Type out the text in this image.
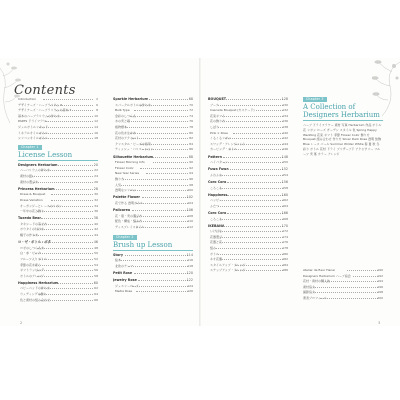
Contents
2	3
Introduction	2
デザイナーズ・ハーブラリウム 5	6
デザイナーズ・ハーブラリウムの基本 7	8
基本のハーブラリウムの作り方	10
PARTS ドライフラワー	12
ジェルボトルリキッド	14
ミネラルオイルボトル	16
シリコンオイルボトル	18
Chapter 1
License Lesson
Designers Herbarium	20
ハーバリウムの作り方	22
素材の扱い	24
素材の選び方	26
Princess Herbarium	28
Dress & Bouquet	30
Dress Variation	32
オーガンジーとレースのリボン	34
一年中の花と飾り	36
Tuxedo Bear	38
タキシードの着せ方	40
ボウタイの付け方	42
帽子の作り方	44
ロ・ゼ・ボトル・ボタ	46
ロゼのしつらえ方	48
白・赤・ピンク	50
フルーツ入りボトル	52
季節の花を使う	54
ギフトラッピング	56
ボトルのアレンジ	58
Happiness Herbarium	60
ベビーベッドの作り方	62
ウェディングの飾り	64
色と素材の組み合わせ	66
Sparkle Herbarium	68
スパークルボトルの作り方	70
Bulb Type	72
金彩のしつらえ	74
木の実と葉	76
植物標本	78
花の色を生かす	80
花材のアクセント	82
クリスタル・ビーズの使用	84
ティッシュ・バリエーション	86
Silhouette Herbarium	88
Flower Morning Info	90
Flower Color	92
New Year Series	94
飾り方	96
人気	98
透明なシリコン	100
Palette Flower	102
花で作る 透明ボトル	104
Palicorea	106
花・葉・実の選び方	108
配色・構成・組み方	110
ディスプレイスタイル	112
Chapter 2
Brush up Lesson
Story	114
絵本	116
北欧のテーマ	118
Petit Rose	120
Jewelry Rose	122
ジュエリーローズ	124
Media Rose	126
BOUQUET	128
ブーケ	130
Cascade Bouquet (カスケード)	132
花束ギフト	134
花の飾り方	136
しぼり	138
Pink × Rose	140
くるくるリボン	142
スワッグ・アレンジメント	144
カービング・ボトル	146
Pattern	148
ハイパターン	150
Fuwa Fuwa	152
ふわふわ	154
Coro Coro	156
ころころ	158
Happiness	160
ハッピー	162
ふたつ	164
Coro Coro	166
ころころ	168
IKEBANA	170
いけばな	172
花器選び	174
花器と花	176
組み	178
ボトル	180
ネオ花器	182
スタイルアップ・アレンジ	184
ステップアップ・アレンジ	186
Chapter 3
A Collection of
Designers Herbarium
ハーブ ドライフラワー 素材 写真 Herbarium 作品 ボトル 花 リボン ローズ ガーデン スタイル 色 Spring Happy Wedding 花束 ギフト 季節 Flower Color 飾り方 Bouquet 組み合わせ 作り方 Silver Dark Rose 透明 装飾 Blue レース パール Summer Winter White 春 夏 秋 冬 彩り ボトル 花材 ドライ プリザーブド アクセサリー フルーツ 実 葉 カラー アレンジ
Atelier de fleur Hanai	190
Designers Herbarium ハーブ協会	192
花材・資材の購入先	194
素材協力	196
撮影協力	198
著者プロフィール	200
